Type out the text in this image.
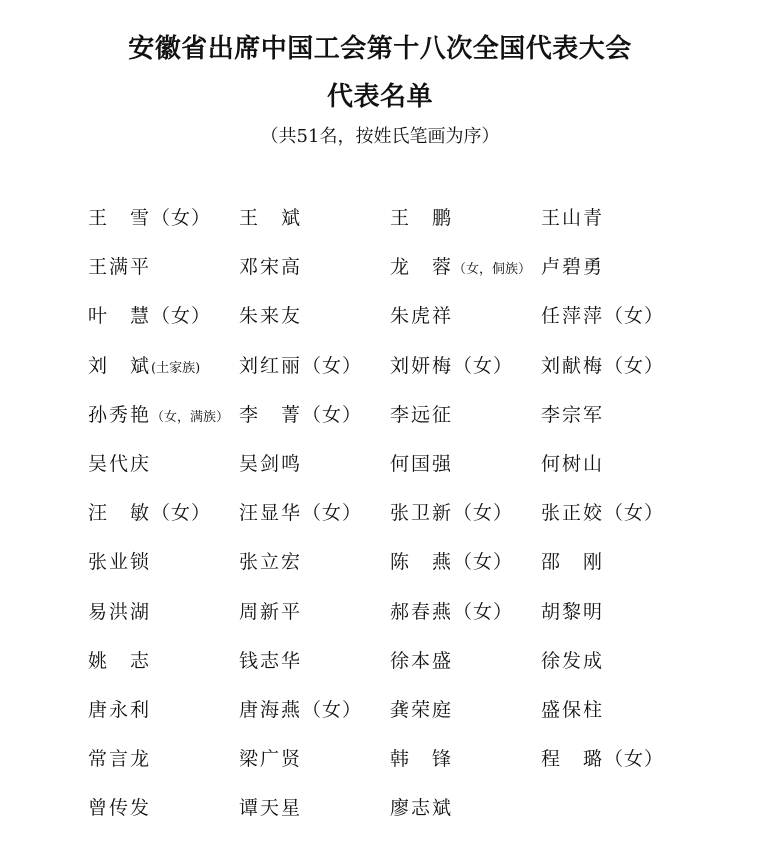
安徽省出席中国工会第十八次全国代表大会
代表名单
（共51名，按姓氏笔画为序）
王　雪（女） 王　斌	王　鹏	王山青
王满平	邓宋高	龙　蓉（女，侗族） 卢碧勇
叶　慧（女） 朱来友	朱虎祥	任萍萍（女）
刘　斌(土家族) 刘红丽（女） 刘妍梅（女） 刘献梅（女）
孙秀艳（女，满族） 李　菁（女） 李远征	李宗军
吴代庆	吴剑鸣	何国强	何树山
汪　敏（女） 汪显华（女） 张卫新（女） 张正姣（女）
张业锁	张立宏	陈　燕（女） 邵　刚
易洪湖	周新平	郝春燕（女） 胡黎明
姚　志	钱志华	徐本盛	徐发成
唐永利	唐海燕（女） 龚荣庭	盛保柱
常言龙	梁广贤	韩　锋	程　璐（女）
曾传发	谭天星	廖志斌
